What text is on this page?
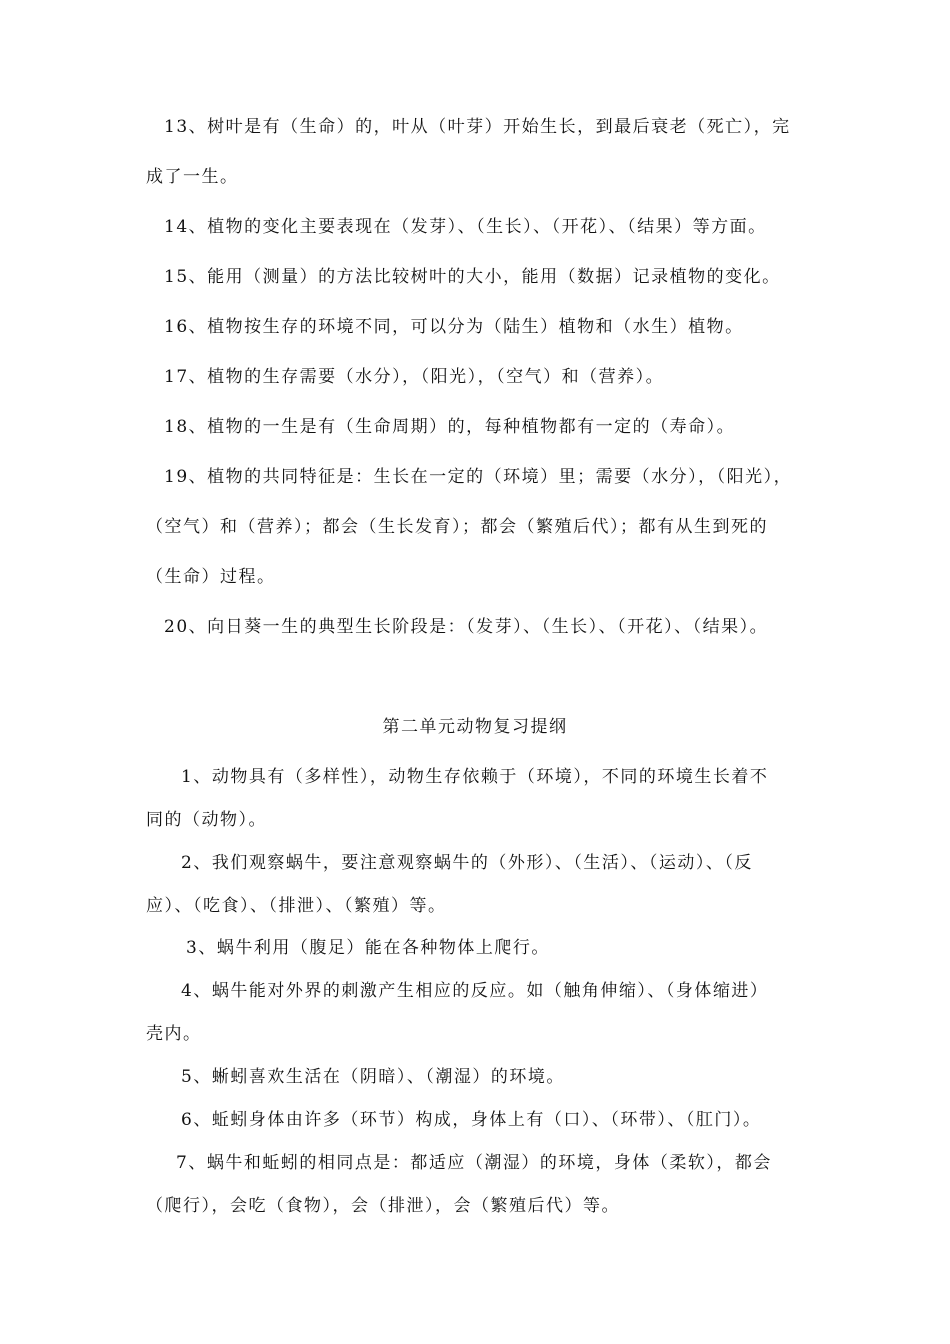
13、树叶是有（生命）的，叶从（叶芽）开始生长，到最后衰老（死亡），完
成了一生。
14、植物的变化主要表现在（发芽）、（生长）、（开花）、（结果）等方面。
15、能用（测量）的方法比较树叶的大小，能用（数据）记录植物的变化。
16、植物按生存的环境不同，可以分为（陆生）植物和（水生）植物。
17、植物的生存需要（水分），（阳光），（空气）和（营养）。
18、植物的一生是有（生命周期）的，每种植物都有一定的（寿命）。
19、植物的共同特征是：生长在一定的（环境）里；需要（水分），（阳光），
（空气）和（营养）；都会（生长发育）；都会（繁殖后代）；都有从生到死的
（生命）过程。
20、向日葵一生的典型生长阶段是：（发芽）、（生长）、（开花）、（结果）。
第二单元动物复习提纲
1、动物具有（多样性），动物生存依赖于（环境），不同的环境生长着不
同的（动物）。
2、我们观察蜗牛，要注意观察蜗牛的（外形）、（生活）、（运动）、（反
应）、（吃食）、（排泄）、（繁殖）等。
3、蜗牛利用（腹足）能在各种物体上爬行。
4、蜗牛能对外界的刺激产生相应的反应。如（触角伸缩）、（身体缩进）
壳内。
5、蜥蚓喜欢生活在（阴暗）、（潮湿）的环境。
6、蚯蚓身体由许多（环节）构成，身体上有（口）、（环带）、（肛门）。
7、蜗牛和蚯蚓的相同点是：都适应（潮湿）的环境，身体（柔软），都会
（爬行），会吃（食物），会（排泄），会（繁殖后代）等。
